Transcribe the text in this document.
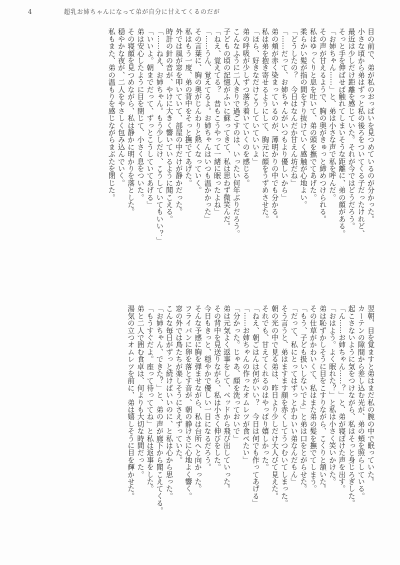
4	超乳お姉ちゃんになって弟が自分に甘えてくるのだが
目の前で、弟が私のおっぱいを見つめているのが分かった。
小さな頃から弟はずっと私の後ろをついてくる子だったけれど、
最近は少しだけ距離を感じていた。それが今ではどうだろう。
そっと手を伸ばせば触れてしまいそうな距離に、弟の顔がある。
「お姉ちゃん……」と、弟は小さな声で私を呼んだ。
その声が甘えるようで、胸の奥がきゅっと締めつけられる。
私はゆっくりと息を吐いて、弟の頭を撫でてあげた。
柔らかい髪が指の間をすり抜けていく感触が心地よい。
「どうしたの？　今日はなんだか甘えん坊だね」
「……だって、お姉ちゃんがいつもより優しいから」
弟の頬が赤く染まっているのが、薄明かりの中でも分かる。
私は弟を抱き寄せるようにして、胸元に顔をうずめさせた。
「ほら、好きなだけこうしていていいよ」
弟の呼吸が少しずつ落ち着いていくのを感じる。
こんなふうに二人きりで過ごすのは、いったい何年ぶりだろう。
子どもの頃の記憶がふいに蘇ってきて、私は思わず微笑んだ。
「ねえ、覚えてる？　昔もこうやって一緒に眠ったよね」
「……うん、覚えてるよ。お姉ちゃんはいつも温かかった」
その言葉に、胸の奥がじんわりと熱くなっていく。
私はもう一度、弟の背中をそっと撫でてあげた。
外では風が窓を叩いていて、部屋の中だけが静かだった。
時計の針の音が、やけに大きく響いているように聞こえる。
「……ねえ、お姉ちゃん。もう少しだけ、こうしていてもいい？」
「いいよ。朝までだって、ずっとこうしていてあげる」
弟は安心したように目を閉じて、小さく息をついた。
その寝顔を見つめながら、私は静かに明かりを落とした。
穏やかな夜が、二人をやさしく包み込んでいく。
私もまた、弟の温もりを感じながらまぶたを閉じた。
翌朝、目を覚ますと弟はまだ私の腕の中で眠っていた。
カーテンの隙間から差し込む光が、弟の頬を照らしている。
起こさないように気をつけながら、私はそっと身じろぎした。
「ん……お姉ちゃん……？」と、弟が寝ぼけた声を出す。
「おはよう。よく眠れた？」と私は小さく笑いかけた。
弟は恥ずかしそうに目をこすりながら、こくりと頷いた。
その仕草がかわいくて、私はまた弟の髪を撫でてしまう。
「もう、子ども扱いしないでよ」と弟は口をとがらせた。
「だって、私にとってはずっとかわいい弟なんだもん」
そう言うと、弟はますます顔を赤くしてうつむいてしまった。
朝の光の中で見る弟は、昨日より少しだけ大人びて見えた。
それでも、甘えてくれるのはやっぱり嬉しかった。
「ねえ、朝ごはんは何がいい？　今日は何でも作ってあげる」
「……お姉ちゃんの作ったオムレツが食べたい」
「分かった。じゃあ、顔を洗っておいで」
弟は元気よく返事をして、ベッドから飛び出していった。
その背中を見送りながら、私は小さく伸びをした。
今日もきっと、穏やかで優しい一日になるだろう。
そんな予感に胸を弾ませながら、私は台所へと向かった。
フライパンに卵を落とす音が、朝の静けさに心地よく響く。
窓の外では鳥たちが楽しそうにさえずっていた。
こんな毎日がずっと続けばいいのに、と私は心から思った。
「お姉ちゃん、できた？」と、弟の声が廊下から聞こえてくる。
「もうすぐだよ。座って待っててね」と私は返事をした。
弟と二人で囲む食卓は、何よりも大切な時間だった。
湯気の立つオムレツを前に、弟は嬉しそうに目を輝かせた。
